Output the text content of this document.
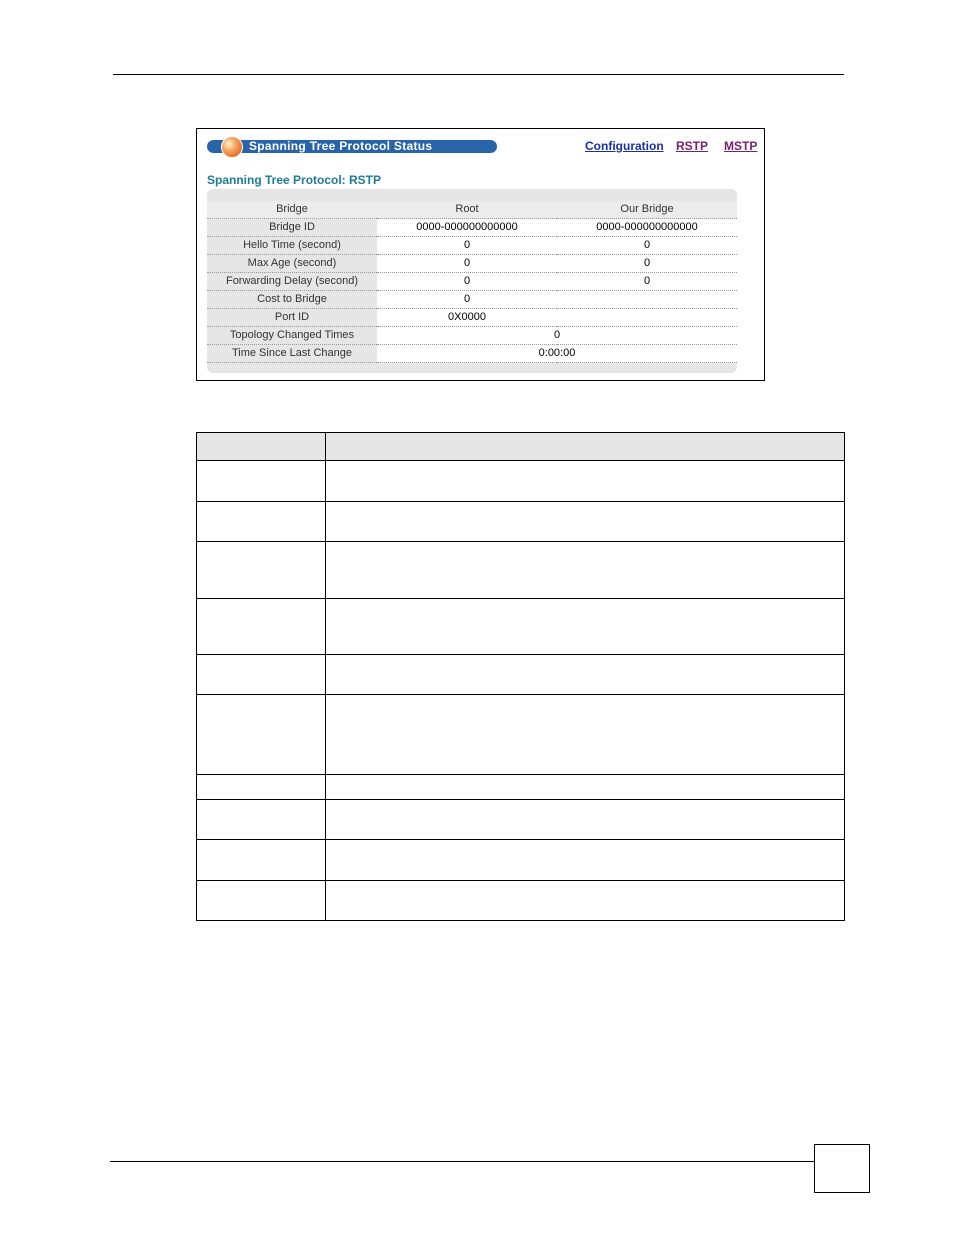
Spanning Tree Protocol Status	Configuration RSTP MSTP
Spanning Tree Protocol: RSTP
Bridge	Root	Our Bridge
Bridge ID	0000-000000000000	0000-000000000000
Hello Time (second)	0	0
Max Age (second)	0	0
Forwarding Delay (second)	0	0
Cost to Bridge	0	
Port ID	0X0000	
Topology Changed Times	0	
Time Since Last Change	0:00:00	
